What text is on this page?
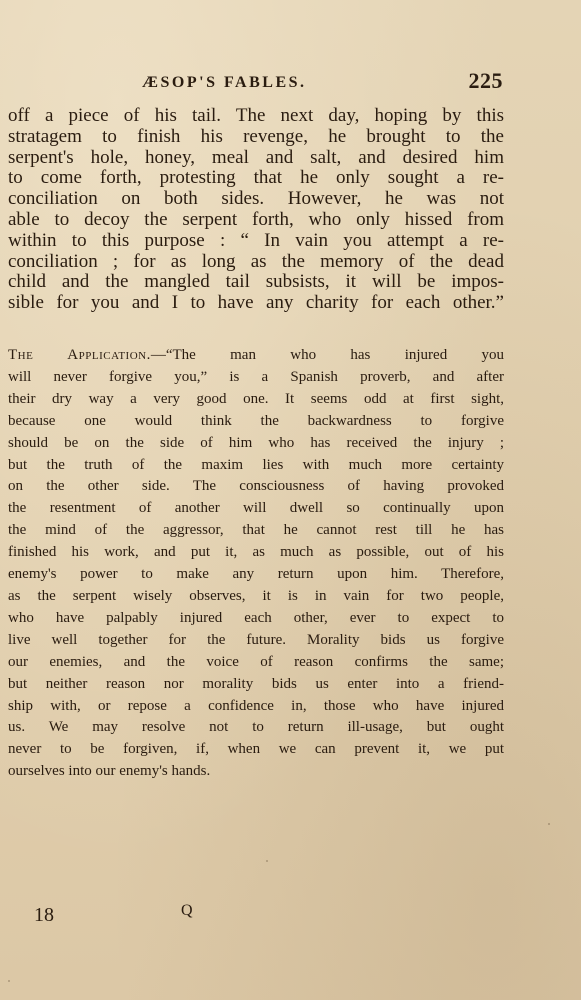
ÆSOP'S FABLES.	225

off a piece of his tail. The next day, hoping by this

stratagem to finish his revenge, he brought to the

serpent's hole, honey, meal and salt, and desired him

to come forth, protesting that he only sought a re-

conciliation on both sides. However, he was not

able to decoy the serpent forth, who only hissed from

within to this purpose : “ In vain you attempt a re-

conciliation ; for as long as the memory of the dead

child and the mangled tail subsists, it will be impos-

sible for you and I to have any charity for each other.”

The Application.—“The man who has injured you

will never forgive you,” is a Spanish proverb, and after

their dry way a very good one. It seems odd at first sight,

because one would think the backwardness to forgive

should be on the side of him who has received the injury ;

but the truth of the maxim lies with much more certainty

on the other side. The consciousness of having provoked

the resentment of another will dwell so continually upon

the mind of the aggressor, that he cannot rest till he has

finished his work, and put it, as much as possible, out of his

enemy's power to make any return upon him. Therefore,

as the serpent wisely observes, it is in vain for two people,

who have palpably injured each other, ever to expect to

live well together for the future. Morality bids us forgive

our enemies, and the voice of reason confirms the same;

but neither reason nor morality bids us enter into a friend-

ship with, or repose a confidence in, those who have injured

us. We may resolve not to return ill-usage, but ought

never to be forgiven, if, when we can prevent it, we put

ourselves into our enemy's hands.

18	Q
